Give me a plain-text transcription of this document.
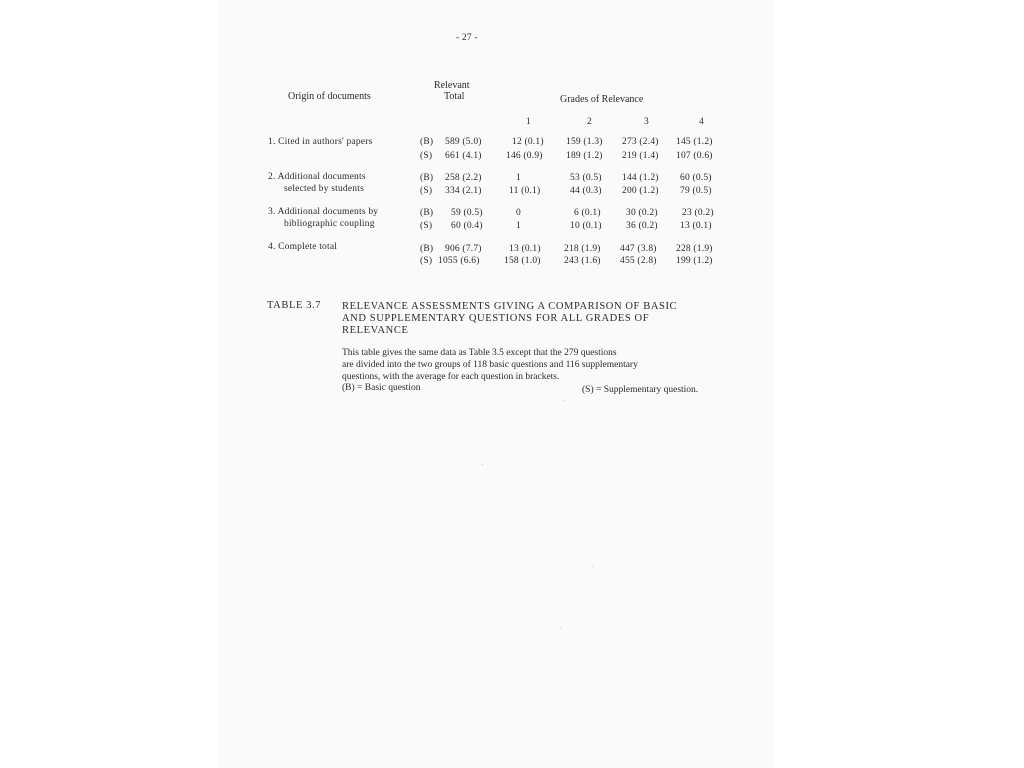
- 27 -
Origin of documents
Relevant
Total	Grades of Relevance
1	2	3	4
1. Cited in authors' papers	(B) 589 (5.0)	12 (0.1) 159 (1.3) 273 (2.4) 145 (1.2)
(S) 661 (4.1)	146 (0.9) 189 (1.2) 219 (1.4) 107 (0.6)
2. Additional documents
selected by students
(B) 258 (2.2)	1	53 (0.5) 144 (1.2) 60 (0.5)
(S) 334 (2.1)	11 (0.1)	44 (0.3) 200 (1.2) 79 (0.5)
3. Additional documents by
bibliographic coupling
(B) 59 (0.5)	0	6 (0.1)	30 (0.2)	23 (0.2)
(S) 60 (0.4)	1	10 (0.1)	36 (0.2) 13 (0.1)
4. Complete total	(B) 906 (7.7)	13 (0.1) 218 (1.9) 447 (3.8) 228 (1.9)
(S) 1055 (6.6)	158 (1.0) 243 (1.6) 455 (2.8) 199 (1.2)
TABLE 3.7 RELEVANCE ASSESSMENTS GIVING A COMPARISON OF BASIC
AND SUPPLEMENTARY QUESTIONS FOR ALL GRADES OF
RELEVANCE
This table gives the same data as Table 3.5 except that the 279 questions
are divided into the two groups of 118 basic questions and 116 supplementary
questions, with the average for each question in brackets.
(B) = Basic question	(S) = Supplementary question.
